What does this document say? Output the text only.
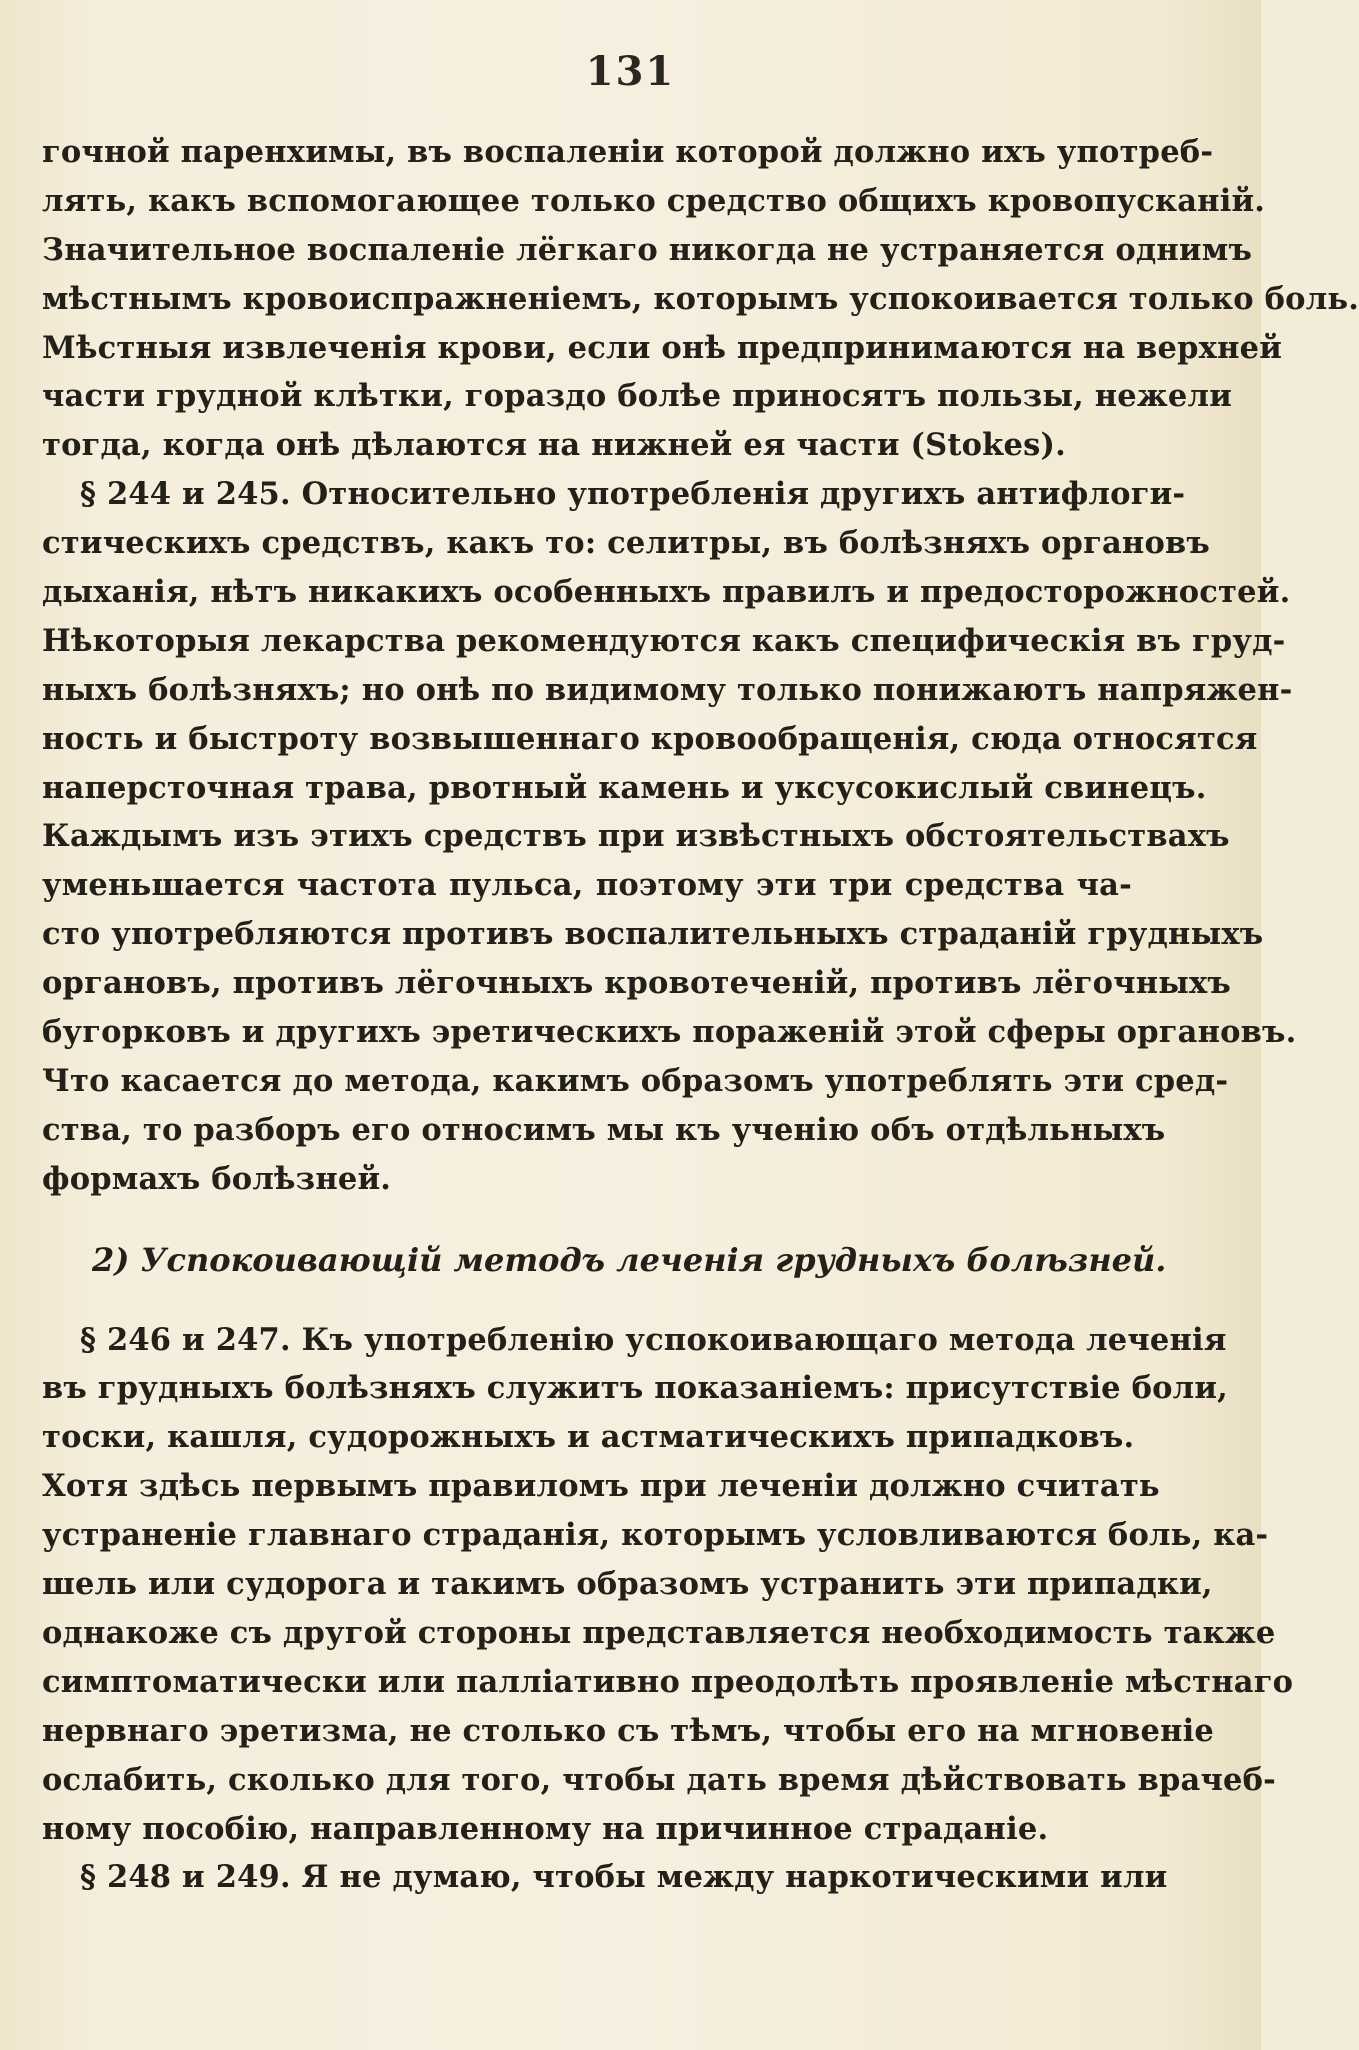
131
гочной паренхимы, въ воспаленіи которой должно ихъ употреб-
лять, какъ вспомогающее только средство общихъ кровопусканій.
Значительное воспаленіе лёгкаго никогда не устраняется однимъ
мѣстнымъ кровоиспражненіемъ, которымъ успокоивается только боль.
Мѣстныя извлеченія крови, если онѣ предпринимаются на верхней
части грудной клѣтки, гораздо болѣе приносятъ пользы, нежели
тогда, когда онѣ дѣлаются на нижней ея части (Stokes).
§ 244 и 245. Относительно употребленія другихъ антифлоги-
стическихъ средствъ, какъ то: селитры, въ болѣзняхъ органовъ
дыханія, нѣтъ никакихъ особенныхъ правилъ и предосторожностей.
Нѣкоторыя лекарства рекомендуются какъ специфическія въ груд-
ныхъ болѣзняхъ; но онѣ по видимому только понижаютъ напряжен-
ность и быстроту возвышеннаго кровообращенія, сюда относятся
наперсточная трава, рвотный камень и уксусокислый свинецъ.
Каждымъ изъ этихъ средствъ при извѣстныхъ обстоятельствахъ
уменьшается частота пульса, поэтому эти три средства ча-
сто употребляются противъ воспалительныхъ страданій грудныхъ
органовъ, противъ лёгочныхъ кровотеченій, противъ лёгочныхъ
бугорковъ и другихъ эретическихъ пораженій этой сферы органовъ.
Что касается до метода, какимъ образомъ употреблять эти сред-
ства, то разборъ его относимъ мы къ ученію объ отдѣльныхъ
формахъ болѣзней.
2) Успокоивающій методъ леченія грудныхъ болѣзней.
§ 246 и 247. Къ употребленію успокоивающаго метода леченія
въ грудныхъ болѣзняхъ служитъ показаніемъ: присутствіе боли,
тоски, кашля, судорожныхъ и астматическихъ припадковъ.
Хотя здѣсь первымъ правиломъ при леченіи должно считать
устраненіе главнаго страданія, которымъ условливаются боль, ка-
шель или судорога и такимъ образомъ устранить эти припадки,
однакоже съ другой стороны представляется необходимость также
симптоматически или палліативно преодолѣть проявленіе мѣстнаго
нервнаго эретизма, не столько съ тѣмъ, чтобы его на мгновеніе
ослабить, сколько для того, чтобы дать время дѣйствовать врачеб-
ному пособію, направленному на причинное страданіе.
§ 248 и 249. Я не думаю, чтобы между наркотическими или
